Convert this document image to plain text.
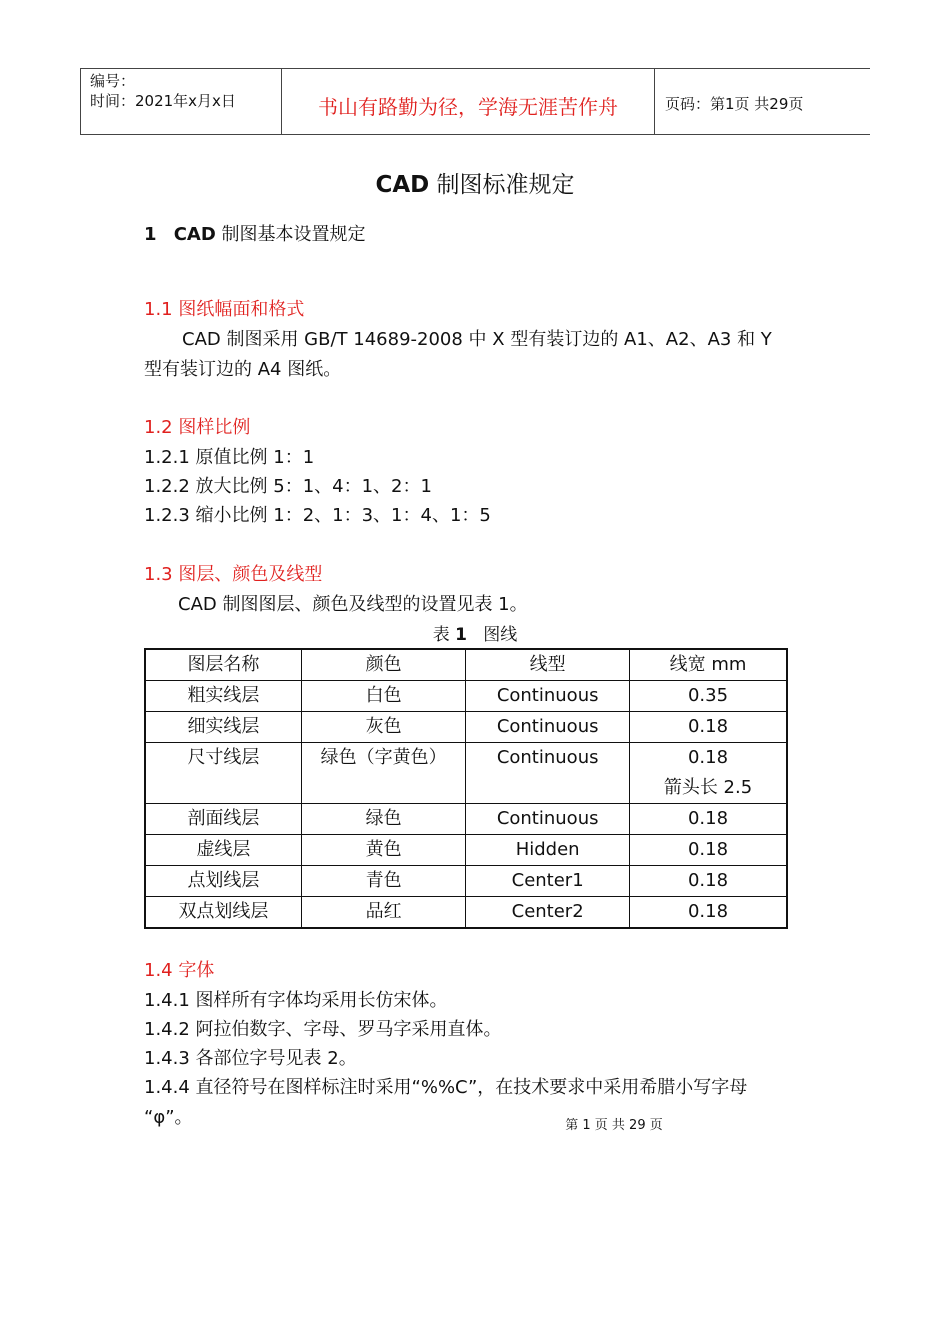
编号：
时间：2021年x月x日	书山有路勤为径，学海无涯苦作舟	页码：第1页 共29页
CAD 制图标准规定
1 CAD 制图基本设置规定
1.1 图纸幅面和格式
CAD 制图采用 GB/T 14689-2008 中 X 型有装订边的 A1、A2、A3 和 Y
型有装订边的 A4 图纸。
1.2 图样比例
1.2.1 原值比例 1：1
1.2.2 放大比例 5：1、4：1、2：1
1.2.3 缩小比例 1：2、1：3、1：4、1：5
1.3 图层、颜色及线型
CAD 制图图层、颜色及线型的设置见表 1。
表 1 图线
图层名称	颜色	线型	线宽 mm
粗实线层	白色	Continuous	0.35
细实线层	灰色	Continuous	0.18
尺寸线层	绿色（字黄色）	Continuous	0.18
箭头长 2.5

剖面线层	绿色	Continuous	0.18
虚线层	黄色	Hidden	0.18
点划线层	青色	Center1	0.18
双点划线层	品红	Center2	0.18
1.4 字体
1.4.1 图样所有字体均采用长仿宋体。
1.4.2 阿拉伯数字、字母、罗马字采用直体。
1.4.3 各部位字号见表 2。
1.4.4 直径符号在图样标注时采用“%%C”，在技术要求中采用希腊小写字母
“φ”。	第 1 页 共 29 页
